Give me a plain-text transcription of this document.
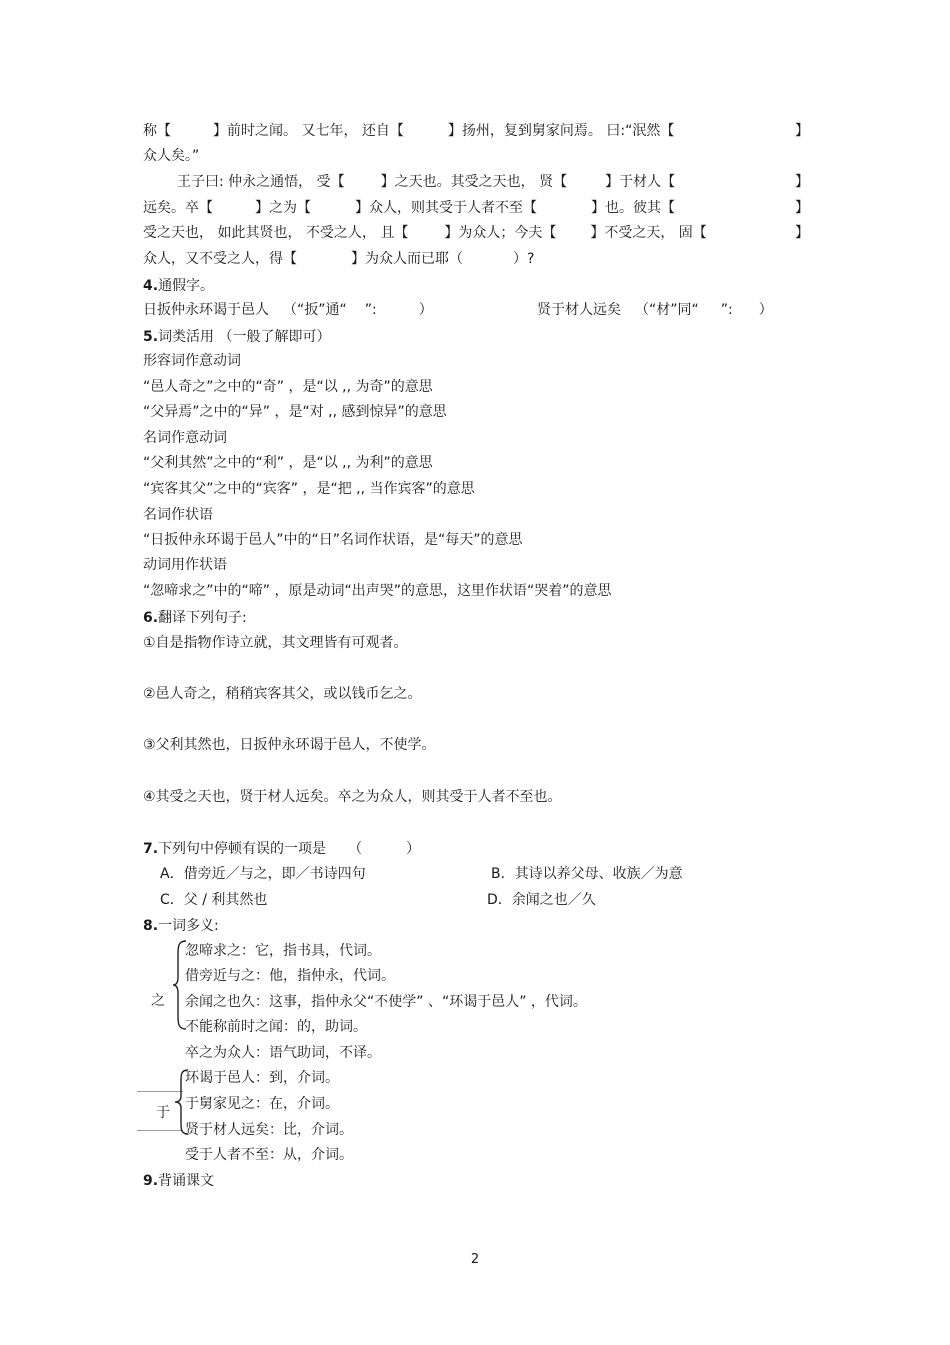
称【	】前时之闻。 又七年， 还自【	】扬州，复到舅家问焉。 曰:“泯然【	】
众人矣。”
王子曰: 仲永之通悟， 受【	】之天也。其受之天也， 贤【	】于材人【	】
远矣。卒【	】之为【	】众人，则其受于人者不至【	】也。彼其【	】
受之天也， 如此其贤也， 不受之人， 且【	】为众人；今夫【 】不受之天， 固【	】
众人，又不受之人，得【	】为众人而已耶（	）?
4.通假字。
日扳仲永环谒于邑人 （“扳”通“ ”:	）	贤于材人远矣 （“材”同“ ”: ）
5.词类活用 （一般了解即可）
形容词作意动词
“邑人奇之”之中的“奇” ，是“以 ,, 为奇”的意思
“父异焉”之中的“异” ，是“对 ,, 感到惊异”的意思
名词作意动词
“父利其然”之中的“利” ，是“以 ,, 为利”的意思
“宾客其父”之中的“宾客” ，是“把 ,, 当作宾客”的意思
名词作状语
“日扳仲永环谒于邑人”中的“日”名词作状语，是“每天”的意思
动词用作状语
“忽啼求之”中的“啼” ，原是动词“出声哭”的意思，这里作状语“哭着”的意思
6.翻译下列句子:
①自是指物作诗立就，其文理皆有可观者。
②邑人奇之，稍稍宾客其父，或以钱币乞之。
③父利其然也，日扳仲永环谒于邑人，不使学。
④其受之天也，贤于材人远矣。卒之为众人，则其受于人者不至也。
7.下列句中停顿有误的一项是 （	）
A．借旁近／与之，即／书诗四句	B．其诗以养父母、收族／为意
C．父 / 利其然也	D．余闻之也／久
8.一词多义:
之
忽啼求之：它，指书具，代词。
借旁近与之：他，指仲永，代词。
余闻之也久：这事，指仲永父“不使学” 、“环谒于邑人” ，代词。
不能称前时之闻：的，助词。
卒之为众人：语气助词，不译。
于
环谒于邑人：到，介词。
于舅家见之：在，介词。
贤于材人远矣：比，介词。
受于人者不至：从，介词。
9.背诵课文
2
